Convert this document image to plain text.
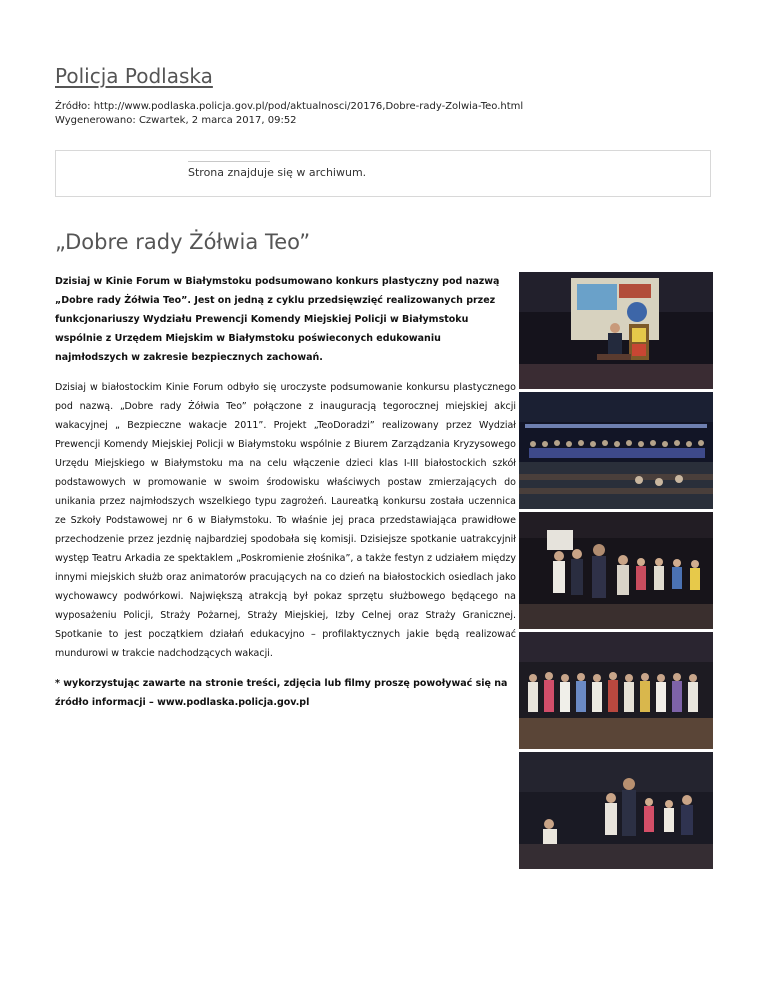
Policja Podlaska
Źródło: http://www.podlaska.policja.gov.pl/pod/aktualnosci/20176,Dobre-rady-Zolwia-Teo.html
Wygenerowano: Czwartek, 2 marca 2017, 09:52
Strona znajduje się w archiwum.
„Dobre rady Żółwia Teo”

Dzisiaj w Kinie Forum w Białymstoku podsumowano konkurs plastyczny pod nazwą „Dobre rady Żółwia Teo”. Jest on jedną z cyklu przedsięwzięć realizowanych przez funkcjonariuszy Wydziału Prewencji Komendy Miejskiej Policji w Białymstoku wspólnie z Urzędem Miejskim w Białymstoku poświeconych edukowaniu najmłodszych w zakresie bezpiecznych zachowań.

Dzisiaj w białostockim Kinie Forum odbyło się uroczyste podsumowanie konkursu plastycznego pod nazwą. „Dobre rady Żółwia Teo” połączone z inauguracją tegorocznej miejskiej akcji wakacyjnej „ Bezpieczne wakacje 2011”. Projekt „TeoDoradzi” realizowany przez Wydział Prewencji Komendy Miejskiej Policji w Białymstoku wspólnie z Biurem Zarządzania Kryzysowego Urzędu Miejskiego w Białymstoku ma na celu włączenie dzieci klas I-III białostockich szkół podstawowych w promowanie w swoim środowisku właściwych postaw zmierzających do unikania przez najmłodszych wszelkiego typu zagrożeń. Laureatką konkursu została uczennica ze Szkoły Podstawowej nr 6 w Białymstoku. To właśnie jej praca przedstawiająca prawidłowe przechodzenie przez jezdnię najbardziej spodobała się komisji. Dzisiejsze spotkanie uatrakcyjnił występ Teatru Arkadia ze spektaklem „Poskromienie złośnika”, a także festyn z udziałem między innymi miejskich służb oraz animatorów pracujących na co dzień na białostockich osiedlach jako wychowawcy podwórkowi. Największą atrakcją był pokaz sprzętu służbowego będącego na wyposażeniu Policji, Straży Pożarnej, Straży Miejskiej, Izby Celnej oraz Straży Granicznej. Spotkanie to jest początkiem działań edukacyjno – profilaktycznych jakie będą realizować mundurowi w trakcie nadchodzących wakacji.

* wykorzystując zawarte na stronie treści, zdjęcia lub filmy proszę powoływać się na źródło informacji – www.podlaska.policja.gov.pl
